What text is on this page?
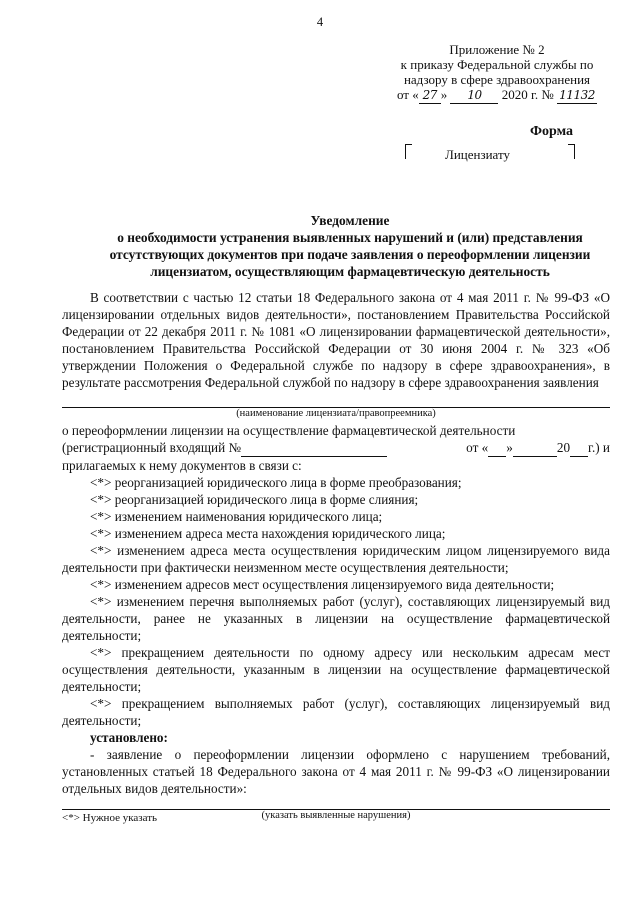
4
Приложение № 2
к приказу Федеральной службы по
надзору в сфере здравоохранения
от « 27 » 10 2020 г. № 11132
Форма
Лицензиату
Уведомление
о необходимости устранения выявленных нарушений и (или) представления
отсутствующих документов при подаче заявления о переоформлении лицензии
лицензиатом, осуществляющим фармацевтическую деятельность

В соответствии с частью 12 статьи 18 Федерального закона от 4 мая 2011 г. № 99-ФЗ «О лицензировании отдельных видов деятельности», постановлением Правительства Российской Федерации от 22 декабря 2011 г. № 1081 «О лицензировании фармацевтической деятельности», постановлением Правительства Российской Федерации от 30 июня 2004 г. № 323 «Об утверждении Положения о Федеральной службе по надзору в сфере здравоохранения», в результате рассмотрения Федеральной службой по надзору в сфере здравоохранения заявления

(наименование лицензиата/правопреемника)

о переоформлении лицензии на осуществление фармацевтической деятельности

(регистрационный входящий №	от « »	20 г.) и

прилагаемых к нему документов в связи с:

<*> реорганизацией юридического лица в форме преобразования;

<*> реорганизацией юридического лица в форме слияния;

<*> изменением наименования юридического лица;

<*> изменением адреса места нахождения юридического лица;

<*> изменением адреса места осуществления юридическим лицом лицензируемого вида деятельности при фактически неизменном месте осуществления деятельности;

<*> изменением адресов мест осуществления лицензируемого вида деятельности;

<*> изменением перечня выполняемых работ (услуг), составляющих лицензируемый вид деятельности, ранее не указанных в лицензии на осуществление фармацевтической деятельности;

<*> прекращением деятельности по одному адресу или нескольким адресам мест осуществления деятельности, указанным в лицензии на осуществление фармацевтической деятельности;

<*> прекращением выполняемых работ (услуг), составляющих лицензируемый вид деятельности;

установлено:

- заявление о переоформлении лицензии оформлено с нарушением требований, установленных статьей 18 Федерального закона от 4 мая 2011 г. № 99-ФЗ «О лицензировании отдельных видов деятельности»:

(указать выявленные нарушения)
<*> Нужное указать
